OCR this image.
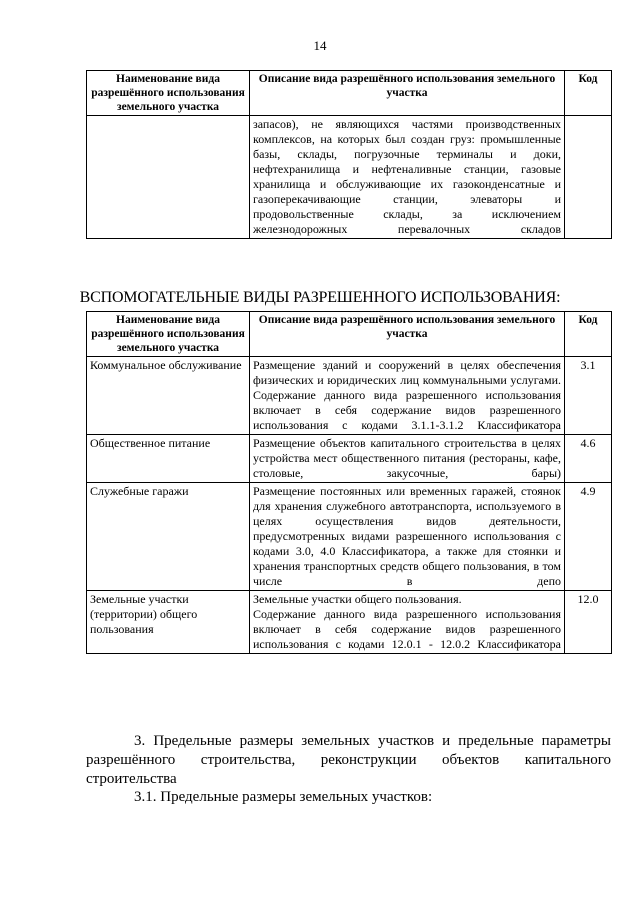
14
Наименование вида разрешённого использования земельного участка	Описание вида разрешённого использования земельного участка	Код
	запасов), не являющихся частями производственных комплексов, на которых был создан груз: промышленные базы, склады, погрузочные терминалы и доки, нефтехранилища и нефтеналивные станции, газовые хранилища и обслуживающие их газоконденсатные и газоперекачивающие станции, элеваторы и продовольственные склады, за исключением железнодорожных перевалочных складов	
ВСПОМОГАТЕЛЬНЫЕ ВИДЫ РАЗРЕШЕННОГО ИСПОЛЬЗОВАНИЯ:
Наименование вида разрешённого использования земельного участка	Описание вида разрешённого использования земельного участка	Код
Коммунальное обслуживание	Размещение зданий и сооружений в целях обеспечения физических и юридических лиц коммунальными услугами. Содержание данного вида разрешенного использования включает в себя содержание видов разрешенного использования с кодами 3.1.1-3.1.2 Классификатора	3.1
Общественное питание	Размещение объектов капитального строительства в целях устройства мест общественного питания (рестораны, кафе, столовые, закусочные, бары)	4.6
Служебные гаражи	Размещение постоянных или временных гаражей, стоянок для хранения служебного автотранспорта, используемого в целях осуществления видов деятельности, предусмотренных видами разрешенного использования с кодами 3.0, 4.0 Классификатора, а также для стоянки и хранения транспортных средств общего пользования, в том числе в депо	4.9
Земельные участки (территории) общего пользования	Земельные участки общего пользования.

Содержание данного вида разрешенного использования включает в себя содержание видов разрешенного использования с кодами 12.0.1 - 12.0.2 Классификатора	12.0

3. Предельные размеры земельных участков и предельные параметры разрешённого строительства, реконструкции объектов капитального строительства

3.1. Предельные размеры земельных участков:
